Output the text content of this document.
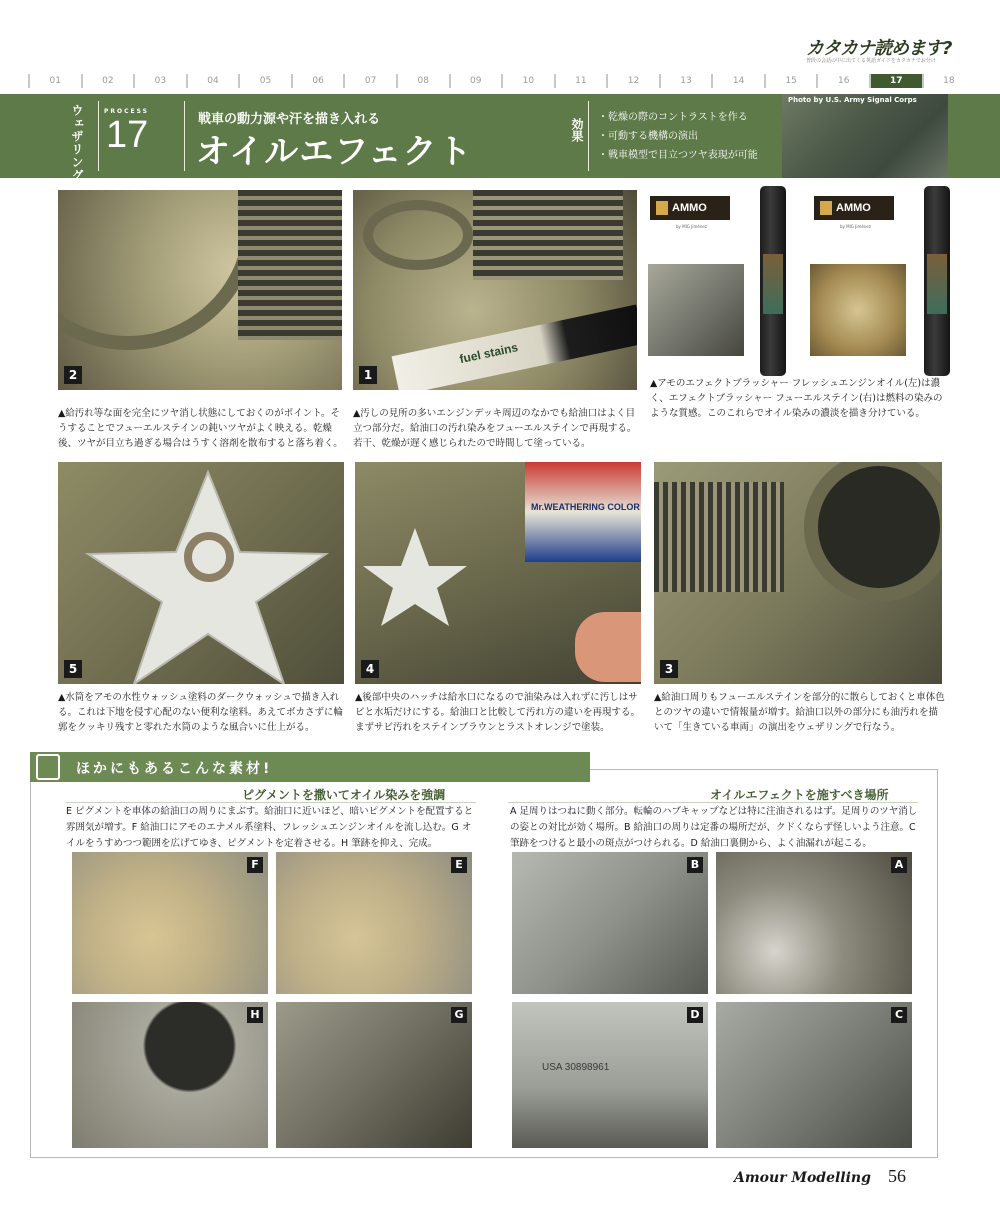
カタカナ読めます?
普段の会話の中に出てくる英語ガイドをカタカナでお分け
01	02	03	04	05	06	07	08	09	10	11	12	13	14	15	16	17	18
ウェザリング	PROCESS
17	戦車の動力源や汗を描き入れる
オイルエフェクト
効果
・ 乾燥の際のコントラストを作る
・ 可動する機構の演出
・ 戦車模型で目立つツヤ表現が可能
Photo by U.S. Army Signal Corps
2
▲給汚れ等な面を完全にツヤ消し状態にしておくのがポイント。そうすることでフューエルステインの鈍いツヤがよく映える。乾燥後、ツヤが目立ち過ぎる場合はうすく溶剤を散布すると落ち着く。
fuel stains
1
▲汚しの見所の多いエンジンデッキ周辺のなかでも給油口はよく目立つ部分だ。給油口の汚れ染みをフューエルステインで再現する。若干、乾燥が遅く感じられたので時間して塗っている。
AMMO
by MIG Jiménez
AMMO
by MIG Jiménez
▲アモのエフェクトブラッシャー フレッシュエンジンオイル(左)は濃く、エフェクトブラッシャー フューエルステイン(右)は燃料の染みのような質感。このこれらでオイル染みの濃淡を描き分けている。
5
▲水筒をアモの水性ウォッシュ塗料のダークウォッシュで描き入れる。これは下地を侵す心配のない便利な塗料。あえてボカさずに輪郭をクッキリ残すと零れた水筒のような風合いに仕上がる。
Mr.WEATHERING COLOR
4
▲後部中央のハッチは給水口になるので油染みは入れずに汚しはサビと水垢だけにする。給油口と比較して汚れ方の違いを再現する。まずサビ汚れをステインブラウンとラストオレンジで塗装。
3
▲給油口周りもフューエルステインを部分的に散らしておくと車体色とのツヤの違いで情報量が増す。給油口以外の部分にも油汚れを描いて「生きている車両」の演出をウェザリングで行なう。
ほかにもあるこんな素材!
ピグメントを撒いてオイル染みを強調	オイルエフェクトを施すべき場所
E ピグメントを車体の給油口の周りにまぶす。給油口に近いほど、暗いピグメントを配置すると雰囲気が増す。F 給油口にアモのエナメル系塗料、フレッシュエンジンオイルを流し込む。G オイルをうすめつつ範囲を広げてゆき、ピグメントを定着させる。H 筆跡を抑え、完成。
A 足周りはつねに動く部分。転輪のハブキャップなどは特に注油されるはず。足周りのツヤ消しの姿との対比が効く場所。B 給油口の周りは定番の場所だが、クドくならず怪しいよう注意。C 筆跡をつけると最小の斑点がつけられる。D 給油口裏側から、よく油漏れが起こる。
F	E
H	G
B	A
USA 30898961
D	C
Amour Modelling 56
